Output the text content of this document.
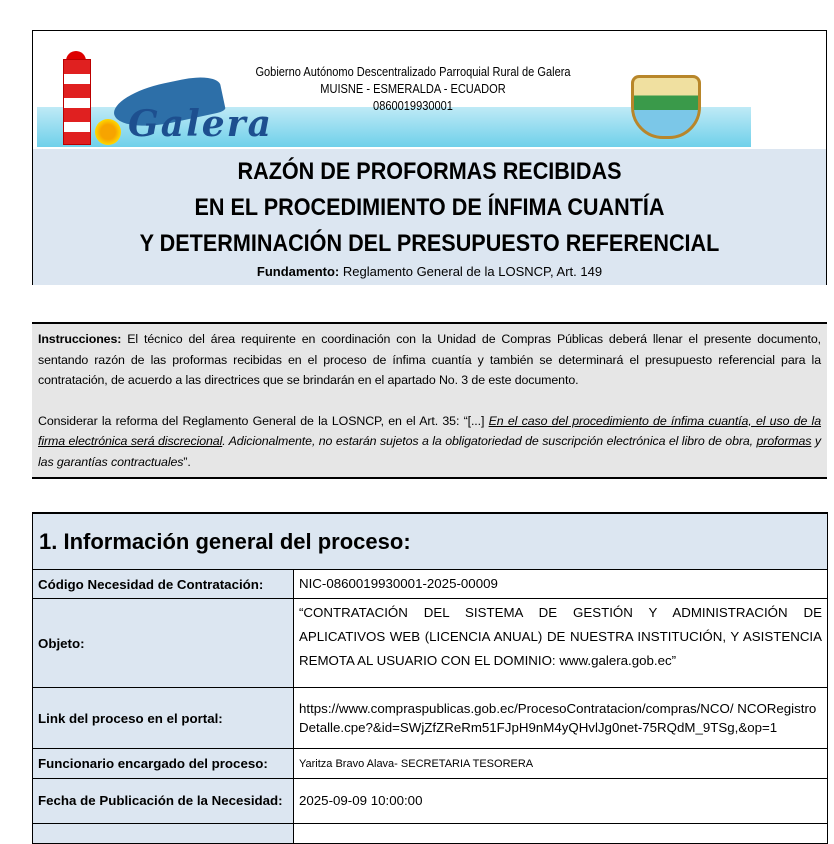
Galera
Gobierno Autónomo Descentralizado Parroquial Rural de Galera
MUISNE - ESMERALDA - ECUADOR
0860019930001
RAZÓN DE PROFORMAS RECIBIDAS
EN EL PROCEDIMIENTO DE ÍNFIMA CUANTÍA
Y DETERMINACIÓN DEL PRESUPUESTO REFERENCIAL
Fundamento: Reglamento General de la LOSNCP, Art. 149
Instrucciones: El técnico del área requirente en coordinación con la Unidad de Compras Públicas deberá llenar el presente documento, sentando razón de las proformas recibidas en el proceso de ínfima cuantía y también se determinará el presupuesto referencial para la contratación, de acuerdo a las directrices que se brindarán en el apartado No. 3 de este documento.
Considerar la reforma del Reglamento General de la LOSNCP, en el Art. 35: “[...] En el caso del procedimiento de ínfima cuantía, el uso de la firma electrónica será discrecional. Adicionalmente, no estarán sujetos a la obligatoriedad de suscripción electrónica el libro de obra, proformas y las garantías contractuales”.
1. Información general del proceso:	
Código Necesidad de Contratación:	NIC-0860019930001-2025-00009
Objeto:	“CONTRATACIÓN DEL SISTEMA DE GESTIÓN Y ADMINISTRACIÓN DE APLICATIVOS WEB (LICENCIA ANUAL) DE NUESTRA INSTITUCIÓN, Y ASISTENCIA REMOTA AL USUARIO CON EL DOMINIO: www.galera.gob.ec”
Link del proceso en el portal:	https://www.compraspublicas.gob.ec/ProcesoContratacion/compras/NCO/ NCORegistroDetalle.cpe?&id=SWjZfZReRm51FJpH9nM4yQHvlJg0net-75RQdM_9TSg,&op=1
Funcionario encargado del proceso:	Yaritza Bravo Alava- SECRETARIA TESORERA
Fecha de Publicación de la Necesidad:	2025-09-09 10:00:00
